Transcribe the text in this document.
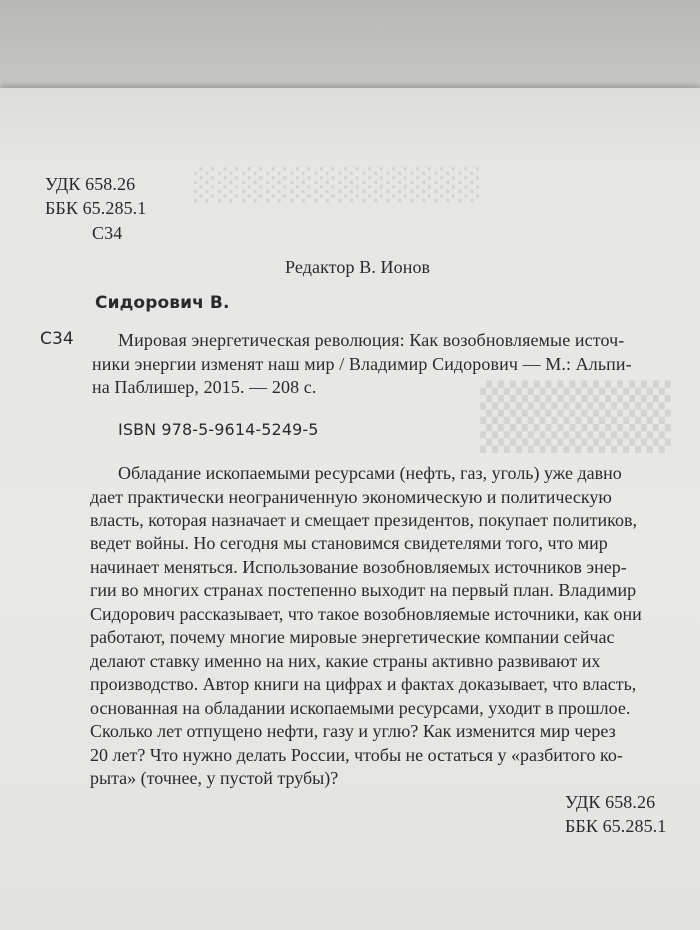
░░░░░░░░░░░░
▒▒▒▒
УДК 658.26
ББК 65.285.1
С34
Редактор В. Ионов
Сидорович В.
С34 Мировая энергетическая революция: Как возобновляемые источ-
ники энергии изменят наш мир / Владимир Сидорович — М.: Альпи-
на Паблишер, 2015. — 208 с.
ISBN 978-5-9614-5249-5
Обладание ископаемыми ресурсами (нефть, газ, уголь) уже давно
дает практически неограниченную экономическую и политическую
власть, которая назначает и смещает президентов, покупает политиков,
ведет войны. Но сегодня мы становимся свидетелями того, что мир
начинает меняться. Использование возобновляемых источников энер-
гии во многих странах постепенно выходит на первый план. Владимир
Сидорович рассказывает, что такое возобновляемые источники, как они
работают, почему многие мировые энергетические компании сейчас
делают ставку именно на них, какие страны активно развивают их
производство. Автор книги на цифрах и фактах доказывает, что власть,
основанная на обладании ископаемыми ресурсами, уходит в прошлое.
Сколько лет отпущено нефти, газу и углю? Как изменится мир через
20 лет? Что нужно делать России, чтобы не остаться у «разбитого ко-
рыта» (точнее, у пустой трубы)?
УДК 658.26
ББК 65.285.1
